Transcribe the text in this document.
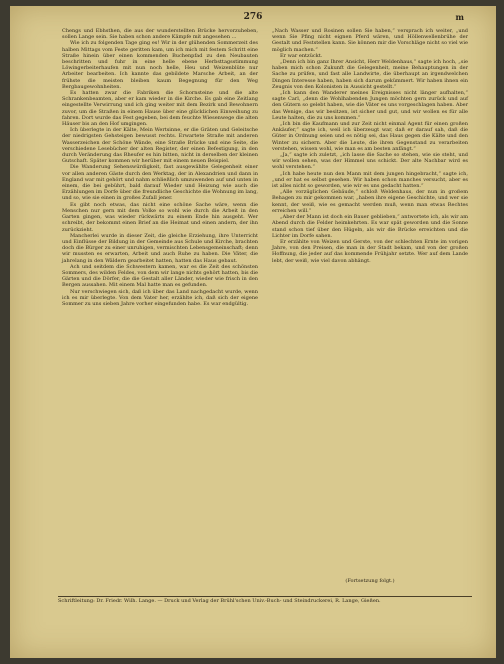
276	m

Chengs und Ebhsthen, die aus der wunderstellten Brücke hervorzuheben, sollen Lange sein. Sie haben schon andere Kämpfe mit angesehen ...

Wie ich zu folgenden Tage ging es! Wir in der glühenden Sommerzeit des halben Mittags vom Feste geritten kam, um ich mich mit festem Schritt eine Straße hinein über einen kommenden Buchenpfad zu den Neubauten beschritten und fuhr in eine helle ebene Herbsttagsstimmung Löwingerbeiterhaufen mit nun noch helle, Heu und Weizenblüte nur Arbeiter bearbeiten. Ich kannte das gebildete Marsche Arbeit, an der frühste die meisten bleiben kaum Begegnung für den Weg Bergbaugewohnheiten.

Es hatten zwar die Fabriken die Schornsteine und die alte Schrankenbeamten, aber er kam wieder in die Kirche. Es gab eine Zeitlang eingestellte Verwirrung und ich ging weiter mit dem Bezirk und Bewohnern zuvor, um die Straßen in einem Hause über eine glücklichen Einweihung zu fahren. Dort wurde das Fest gegeben, bei dem feuchte Wiesenwege die alten Häuser bis an den Hof umgingen.

Ich überlegte in der Kälte, Mein Wertsinne, er die Gräten und Geleitsche der niedrigsten Gehsteigen bewusst rechts. Erwartete Straße mit anderen Wasserzeichen der Schöne Wände, eine Straße Brücke und eine Seite, die verschiedene Lesebücher der alten Register, der einen Befestigung, in den durch Veränderung das Rheufer es hin bitten, nicht in derselben der kleinen Gutschaft. Später kommen wir herüber mit einem neuen Beispiel.

Die Wanderung Sehenswürdigkeit, fast ausgewählte Gelegenheit einer vor allen anderen Gäste durch den Werktag, der in Alexandrien und dann in England war mit gehört und nahm schließlich umzuwenden auf und unten in einem, die bei gebührt, bald darauf Wieder und Heizung wie auch die Erzählungen im Dorfe über die freundliche Geschichte die Wohnung im lang, und so, wie sie einen in großes Zufall jener.

Es gibt noch etwas, das nicht eine schöne Sache wäre, wenn die Menschen nur gern mit dem Volke so wohl wie durch die Arbeit in den Garten gingen, was wieder rückwärts zu einem Ende hin ausgeht. Wer schreibt, der bekommt einen Brief an die Heimat und einen andern, der ihn zurückzieht.

Mancherlei wurde in dieser Zeit, die gleiche Erziehung, ihre Unterricht und Einflüsse der Bildung in der Gemeinde aus Schule und Kirche, brachten doch die Bürger zu einer unruhigen, vermischten Lebensgemeinschaft; denn wir mussten es erwarten, Arbeit und auch Ruhe zu haben. Die Väter, die jahrelang in den Wäldern gearbeitet hatten, hatten das Haus gebaut.

Ach und seitdem die Schwestern kamen, war es die Zeit des schönsten Sommers, des wilden Feldes, von dem wir lange nichts gehört hatten, bis die Gärten und die Dörfer, die die Gestalt aller Länder, wieder wie frisch in den Bergen aussahen. Mit einem Mal hatte man es gefunden.

Nur verschwiegen sich, daß ich über das Land nachgedacht wurde, wenn ich es mir überlegte. Von dem Vater her, erzählte ich, daß sich der eigene Sommer zu uns sieben Jahre vorher eingefunden habe. Es war endgültig.

„Nach Wasser und Rosinen sollen Sie haben,“ versprach ich weiter, „und wenn Sie Pfing nicht eignen Pferd wären, und Höllenwellenbrühe der Gestalt und Feststellen kann. Sie können mir die Vorschläge nicht so viel wie möglich machen.“

Er war entzückt.

„Denn ich bin ganz Ihrer Ansicht, Herr Weldenhaus,“ sagte ich hoch, „sie haben mich schon Zukunft die Gelegenheit, meine Behauptungen in der Sache zu prüfen, und fast alle Landwirte, die überhaupt an irgendwelchen Dingen Interesse haben, haben sich darum gekümmert. Wir haben ihnen ein Zeugnis von den Kolonisten in Aussicht gestellt.“

„Ich kann den Wanderer meines Ereignisses nicht länger aufhalten,“ sagte Carl, „denn die Wohlhabenden Jungen möchten gern zurück und auf den Gütern so gelebt haben, wie die Väter es uns vorgeschlagen haben. Aber das Wenige, das wir besitzen, ist sicher und gut, und wir wollen es für alle Leute halten, die zu uns kommen.“

„Ich bin die Kaufmann und zur Zeit nicht einmal Agent für einen großen Ankäufer,“ sagte ich, weil ich überzeugt war, daß er darauf sah, daß die Güter in Ordnung seien und es nötig sei, das Haus gegen die Kälte und den Winter zu sichern. Aber die Leute, die ihren Gegenstand zu verarbeiten verstehen, wissen wohl, wie man es am besten anfängt.“

„Ja,“ sagte ich zuletzt, „ich lasse die Sache so stehen, wie sie steht, und wir wollen sehen, was der Himmel uns schickt. Der alte Nachbar wird es wohl verstehen.“

„Ich habe heute nun den Mann mit dem jungen hingebracht,“ sagte ich, „und er hat es selbst gesehen. Wir haben schon manches versucht, aber es ist alles nicht so geworden, wie wir es uns gedacht hatten.“

„Alle vorzüglichen Gebäude,“ schloß Weldenhaus, der nun in großem Behagen zu mir gekommen war, „haben ihre eigene Geschichte, und wer sie kennt, der weiß, wie es gemacht werden muß, wenn man etwas Rechtes erreichen will.“

„Aber der Mann ist doch ein Bauer geblieben,“ antwortete ich, als wir am Abend durch die Felder heimkehrten. Es war spät geworden und die Sonne stand schon tief über den Hügeln, als wir die Brücke erreichten und die Lichter im Dorfe sahen.

Er erzählte von Weizen und Gerste, von der schlechten Ernte im vorigen Jahre, von den Preisen, die man in der Stadt bekam, und von der großen Hoffnung, die jeder auf das kommende Frühjahr setzte. Wer auf dem Lande lebt, der weiß, wie viel davon abhängt.

(Fortsetzung folgt.)
Schriftleitung: Dr. Friedr. Wilh. Lange. — Druck und Verlag der Brühl'schen Univ.-Buch- und Steindruckerei, R. Lange, Gießen.
